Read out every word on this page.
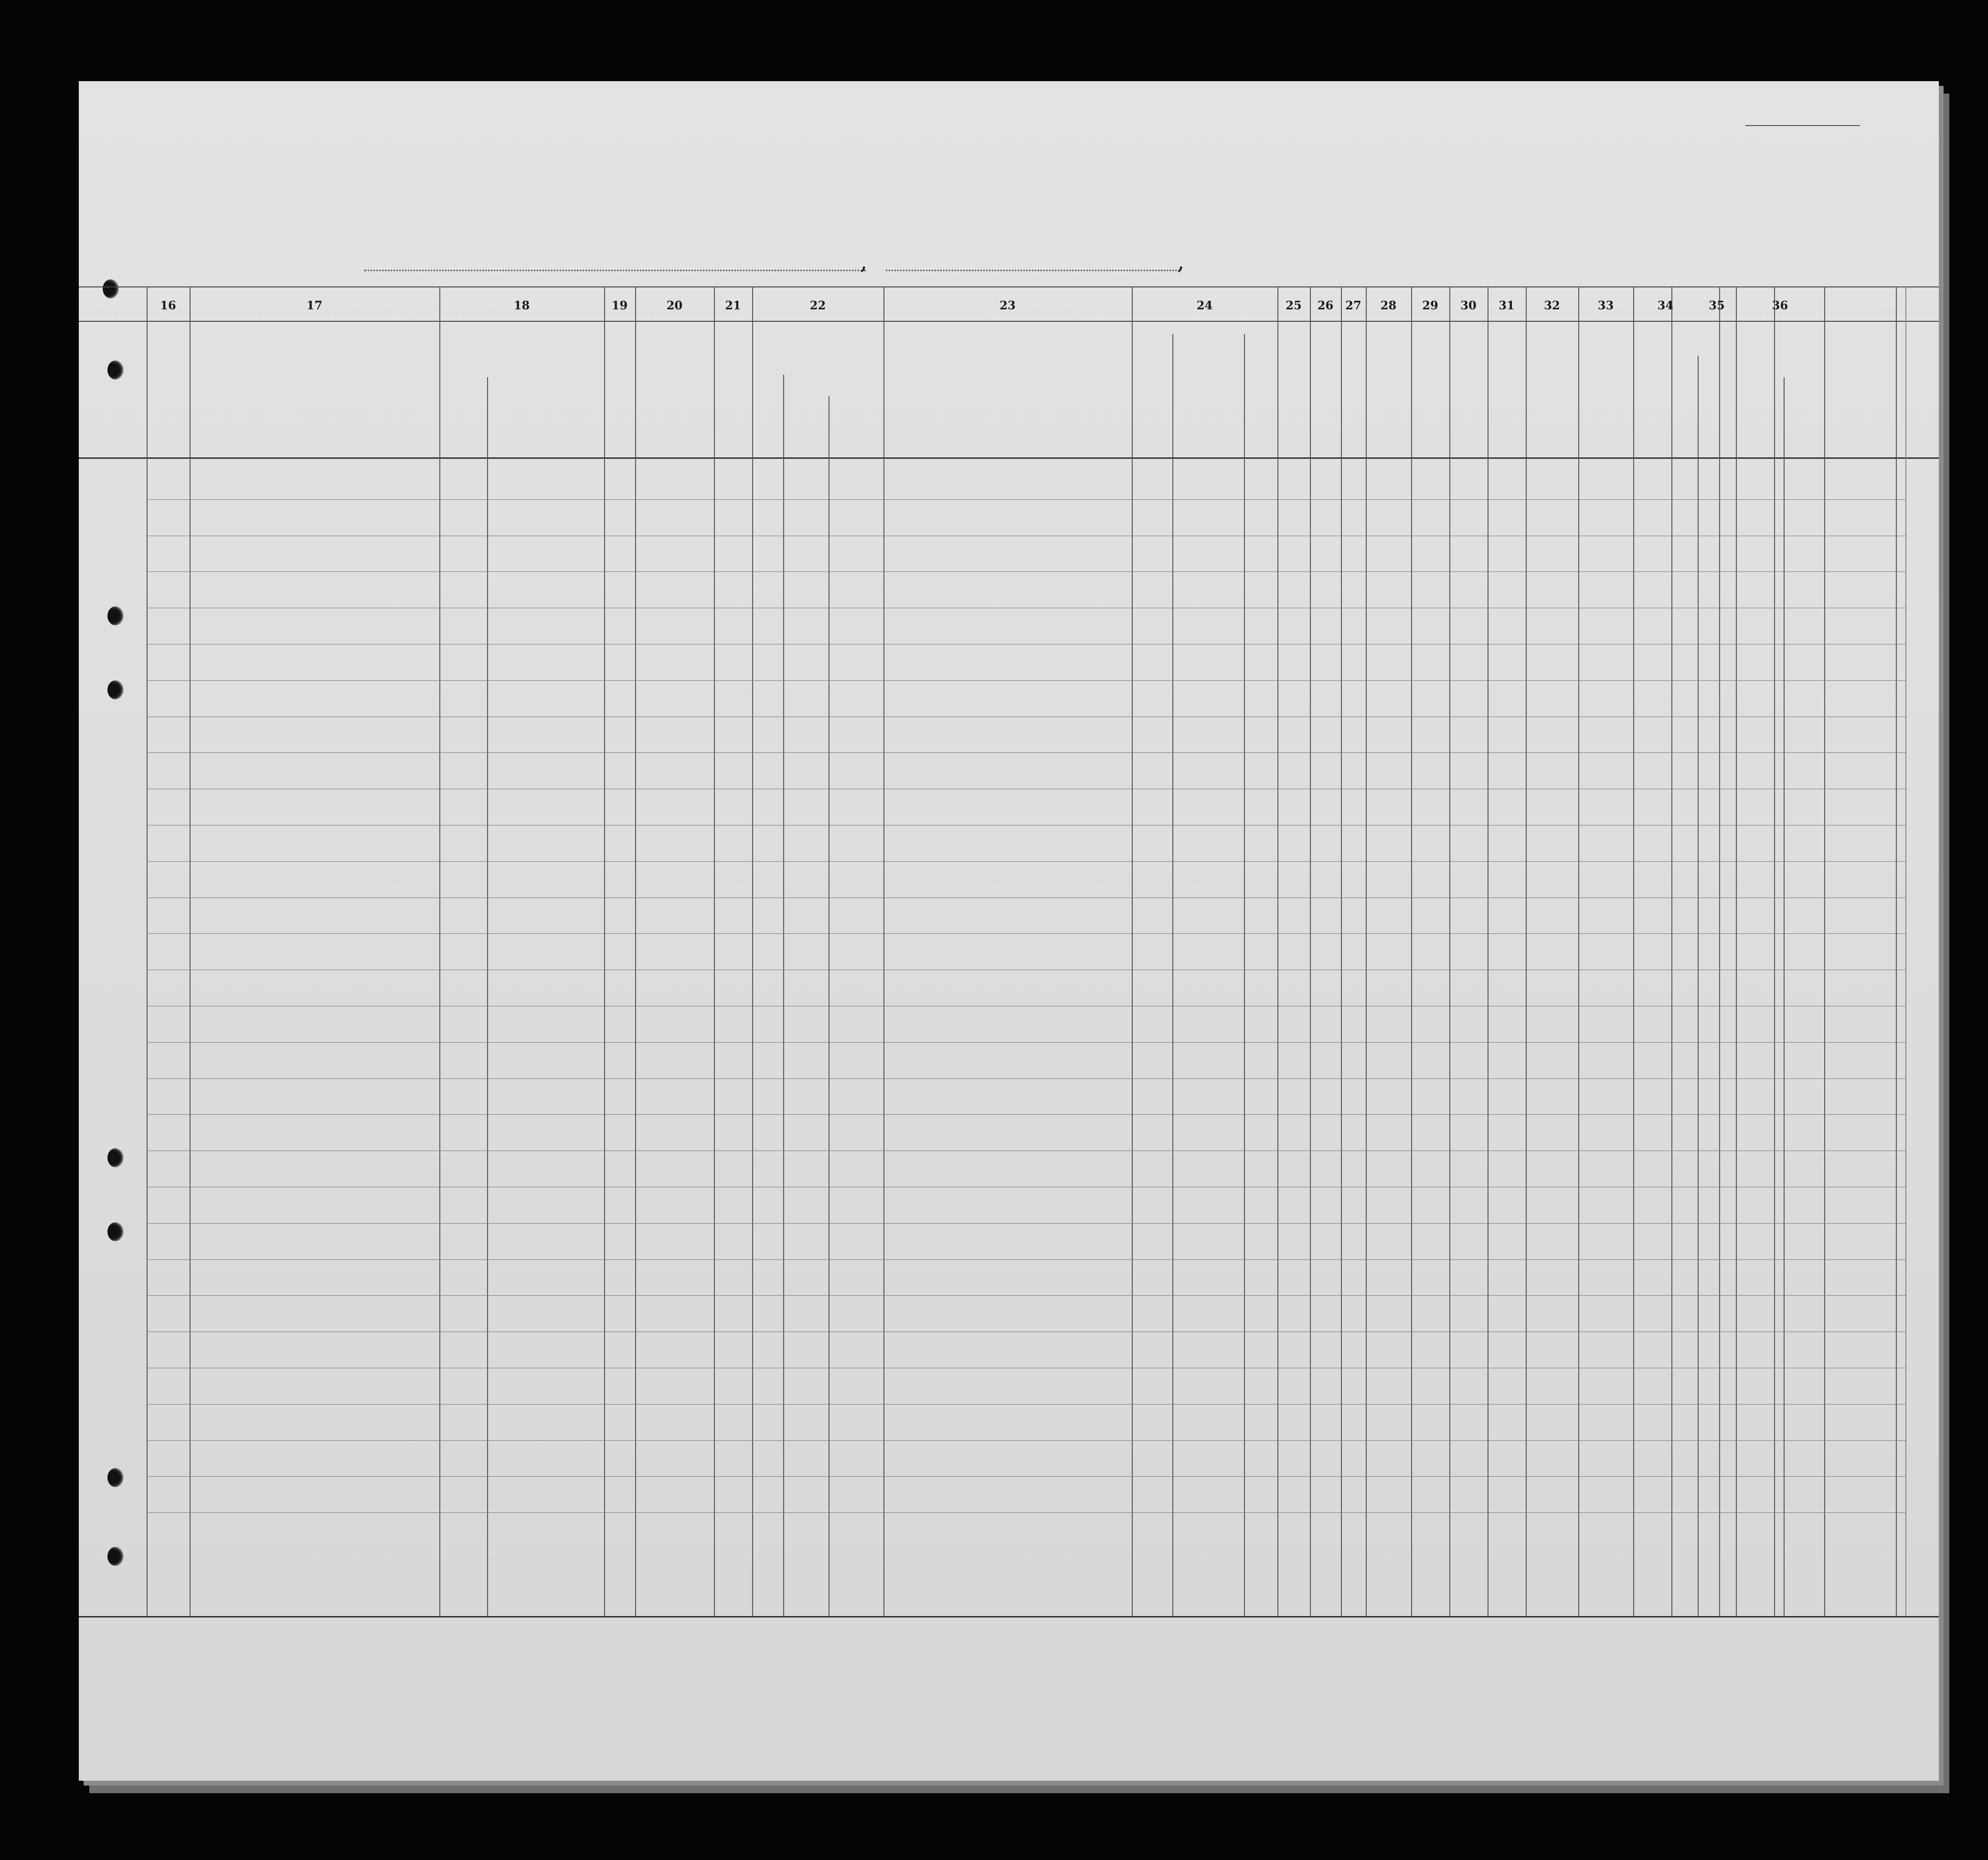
,	,
16	17	18	19	20	21	22	23	24	25	26	27	28	29	30	31	32	33	34	35	36
